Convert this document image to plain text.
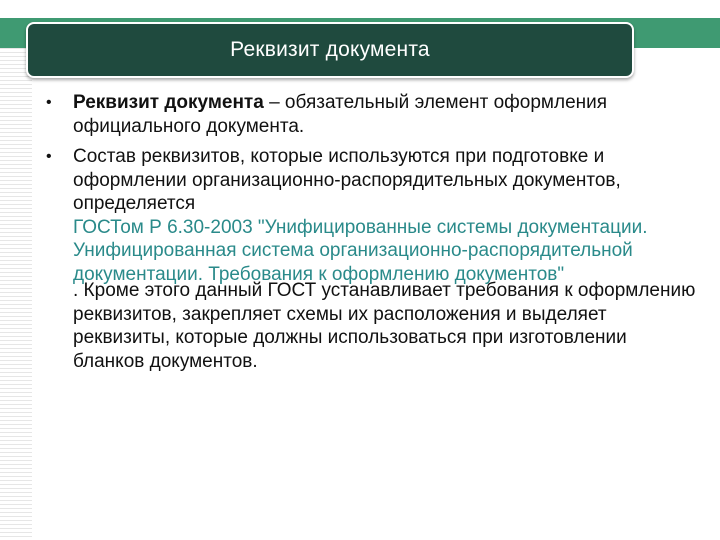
Реквизит документа
• Реквизит документа – обязательный элемент оформления официального документа.
• Состав реквизитов, которые используются при подготовке и оформлении организационно-распорядительных документов, определяется
ГОСТом Р 6.30-2003 "Унифицированные системы документации. Унифицированная система организационно-распорядительной документации. Требования к оформлению документов"
. Кроме этого данный ГОСТ устанавливает требования к оформлению реквизитов, закрепляет схемы их расположения и выделяет реквизиты, которые должны использоваться при изготовлении бланков документов.
